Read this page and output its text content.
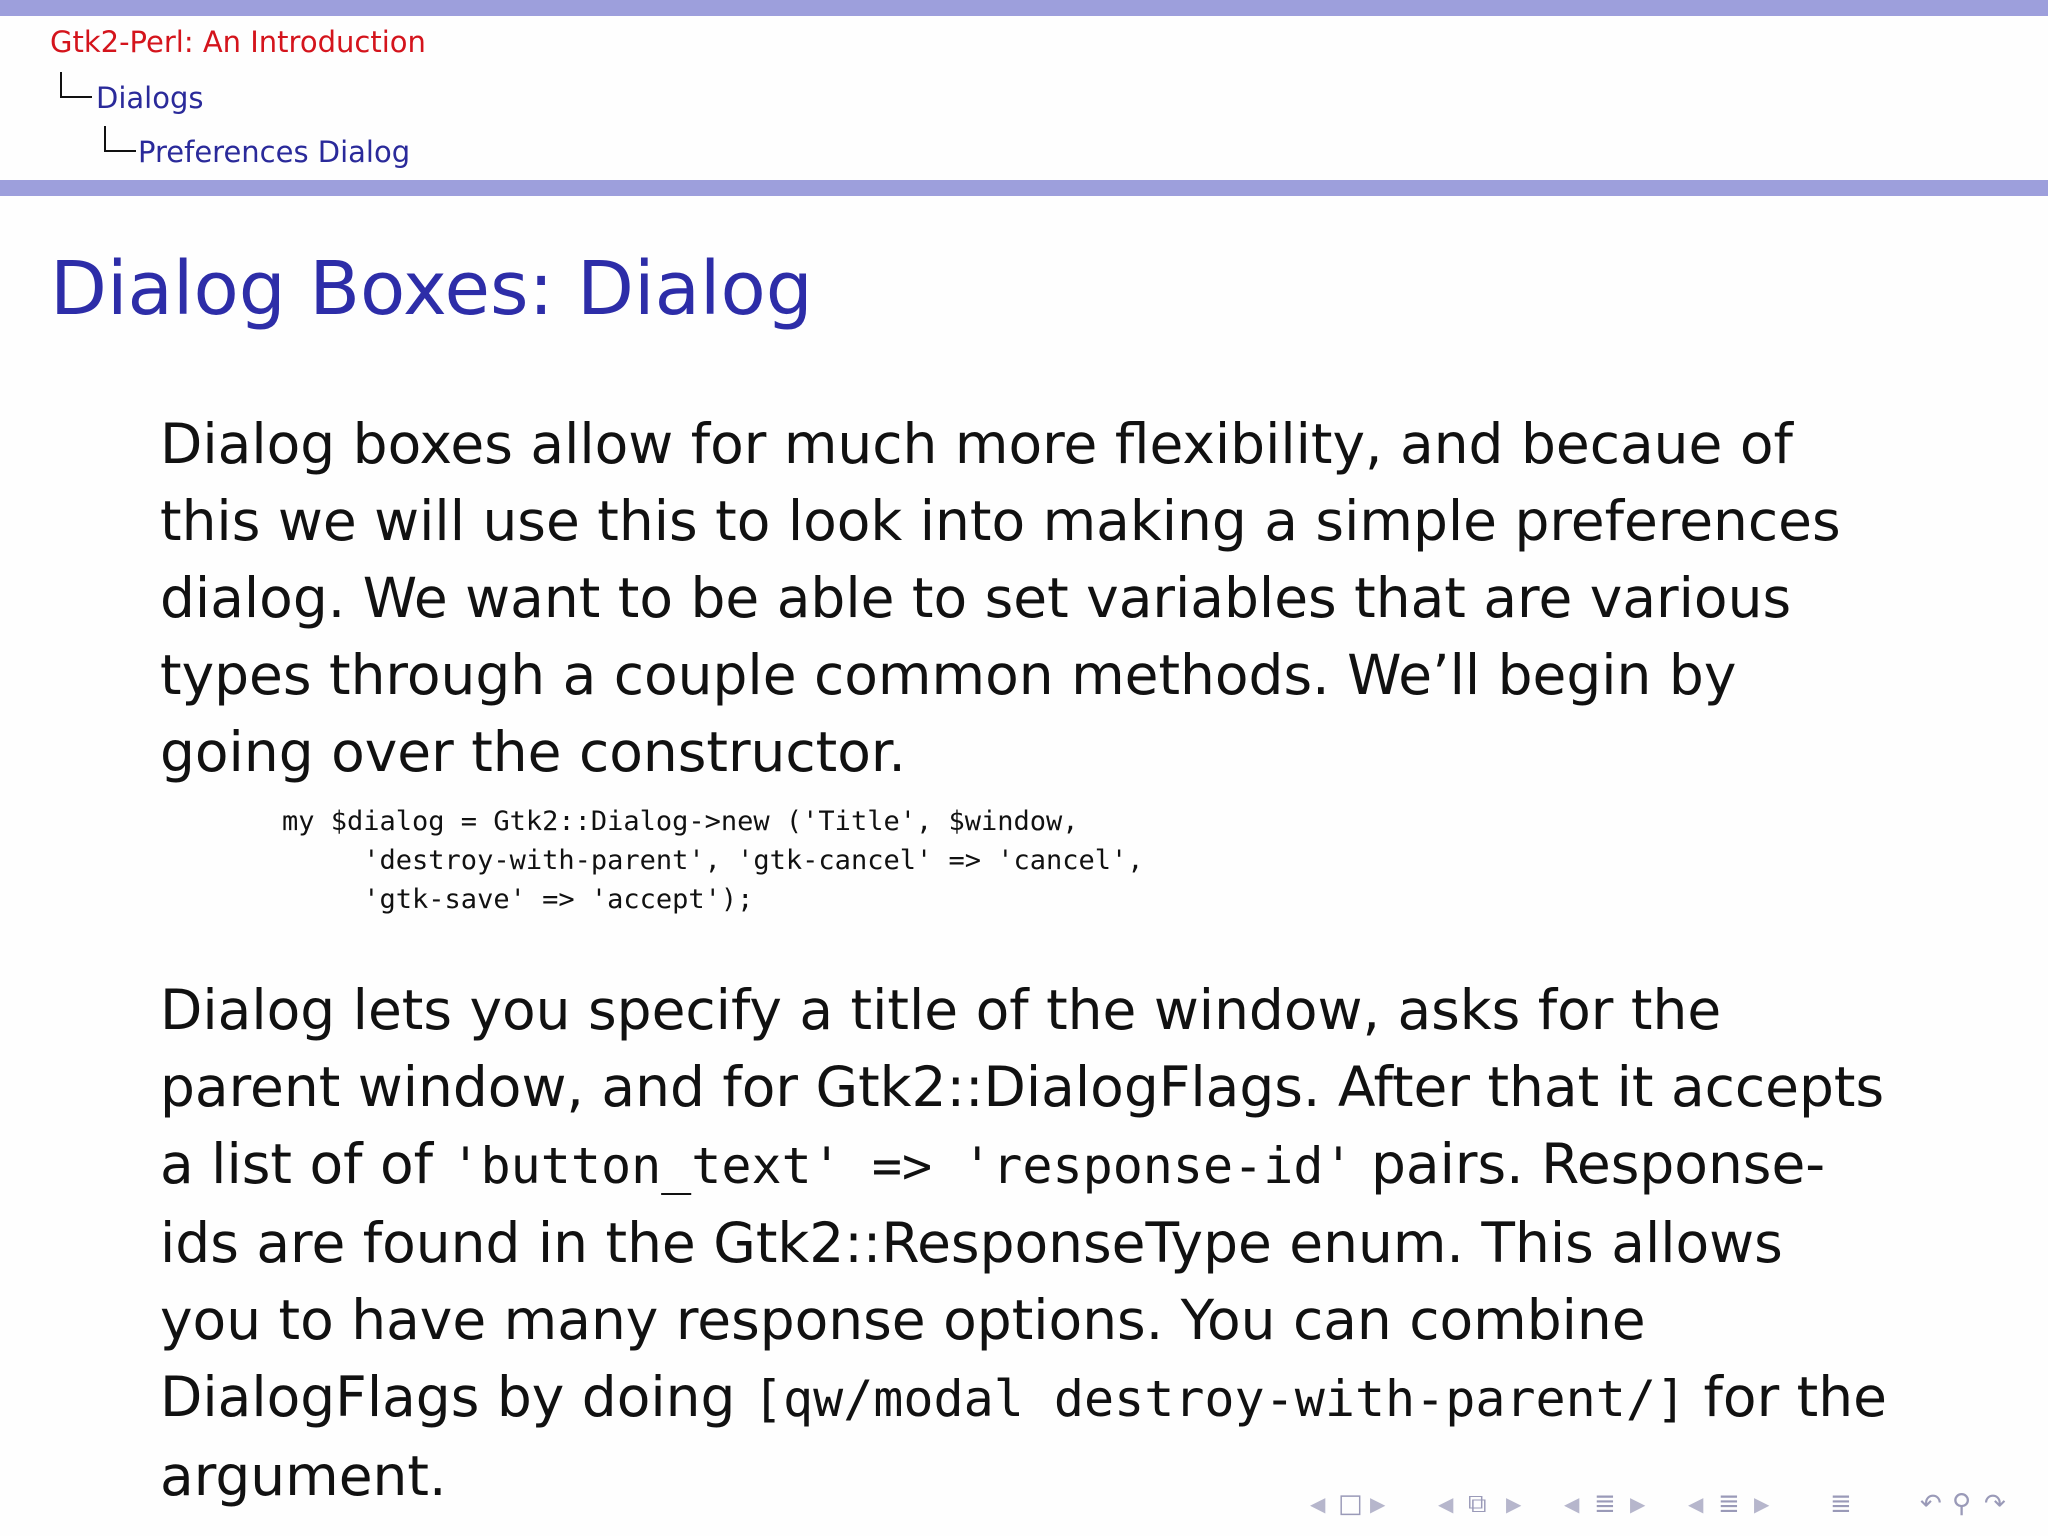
Gtk2-Perl: An Introduction
Dialogs
Preferences Dialog
Dialog Boxes: Dialog

Dialog boxes allow for much more flexibility, and becaue of this we will use this to look into making a simple preferences dialog. We want to be able to set variables that are various types through a couple common methods. We’ll begin by going over the constructor.

my $dialog = Gtk2::Dialog->new ('Title', $window,
'destroy-with-parent', 'gtk-cancel' => 'cancel',
'gtk-save' => 'accept');

Dialog lets you specify a title of the window, asks for the parent window, and for Gtk2::DialogFlags. After that it accepts a list of of 'button_text' => 'response-id' pairs. Response-ids are found in the Gtk2::ResponseType enum. This allows you to have many response options. You can combine DialogFlags by doing [qw/modal destroy-with-parent/] for the argument.	◀ □ ▶	◀ ⧉ ▶ ◀ ≣ ▶ ◀ ≣ ▶ ≣	↶ ⚲ ↷
